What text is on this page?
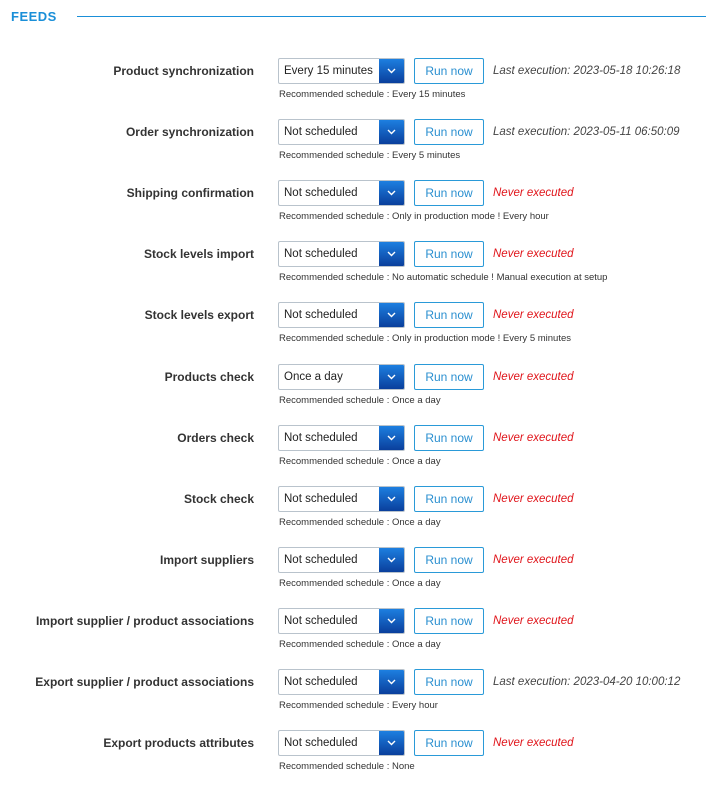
FEEDS
Product synchronization	Every 15 minutes	Run now	Last execution: 2023-05-18 10:26:18
Recommended schedule : Every 15 minutes
Order synchronization	Not scheduled	Run now	Last execution: 2023-05-11 06:50:09
Recommended schedule : Every 5 minutes
Shipping confirmation	Not scheduled	Run now	Never executed
Recommended schedule : Only in production mode ! Every hour
Stock levels import	Not scheduled	Run now	Never executed
Recommended schedule : No automatic schedule ! Manual execution at setup
Stock levels export	Not scheduled	Run now	Never executed
Recommended schedule : Only in production mode ! Every 5 minutes
Products check	Once a day	Run now	Never executed
Recommended schedule : Once a day
Orders check	Not scheduled	Run now	Never executed
Recommended schedule : Once a day
Stock check	Not scheduled	Run now	Never executed
Recommended schedule : Once a day
Import suppliers	Not scheduled	Run now	Never executed
Recommended schedule : Once a day
Import supplier / product associations	Not scheduled	Run now	Never executed
Recommended schedule : Once a day
Export supplier / product associations	Not scheduled	Run now	Last execution: 2023-04-20 10:00:12
Recommended schedule : Every hour
Export products attributes	Not scheduled	Run now	Never executed
Recommended schedule : None
